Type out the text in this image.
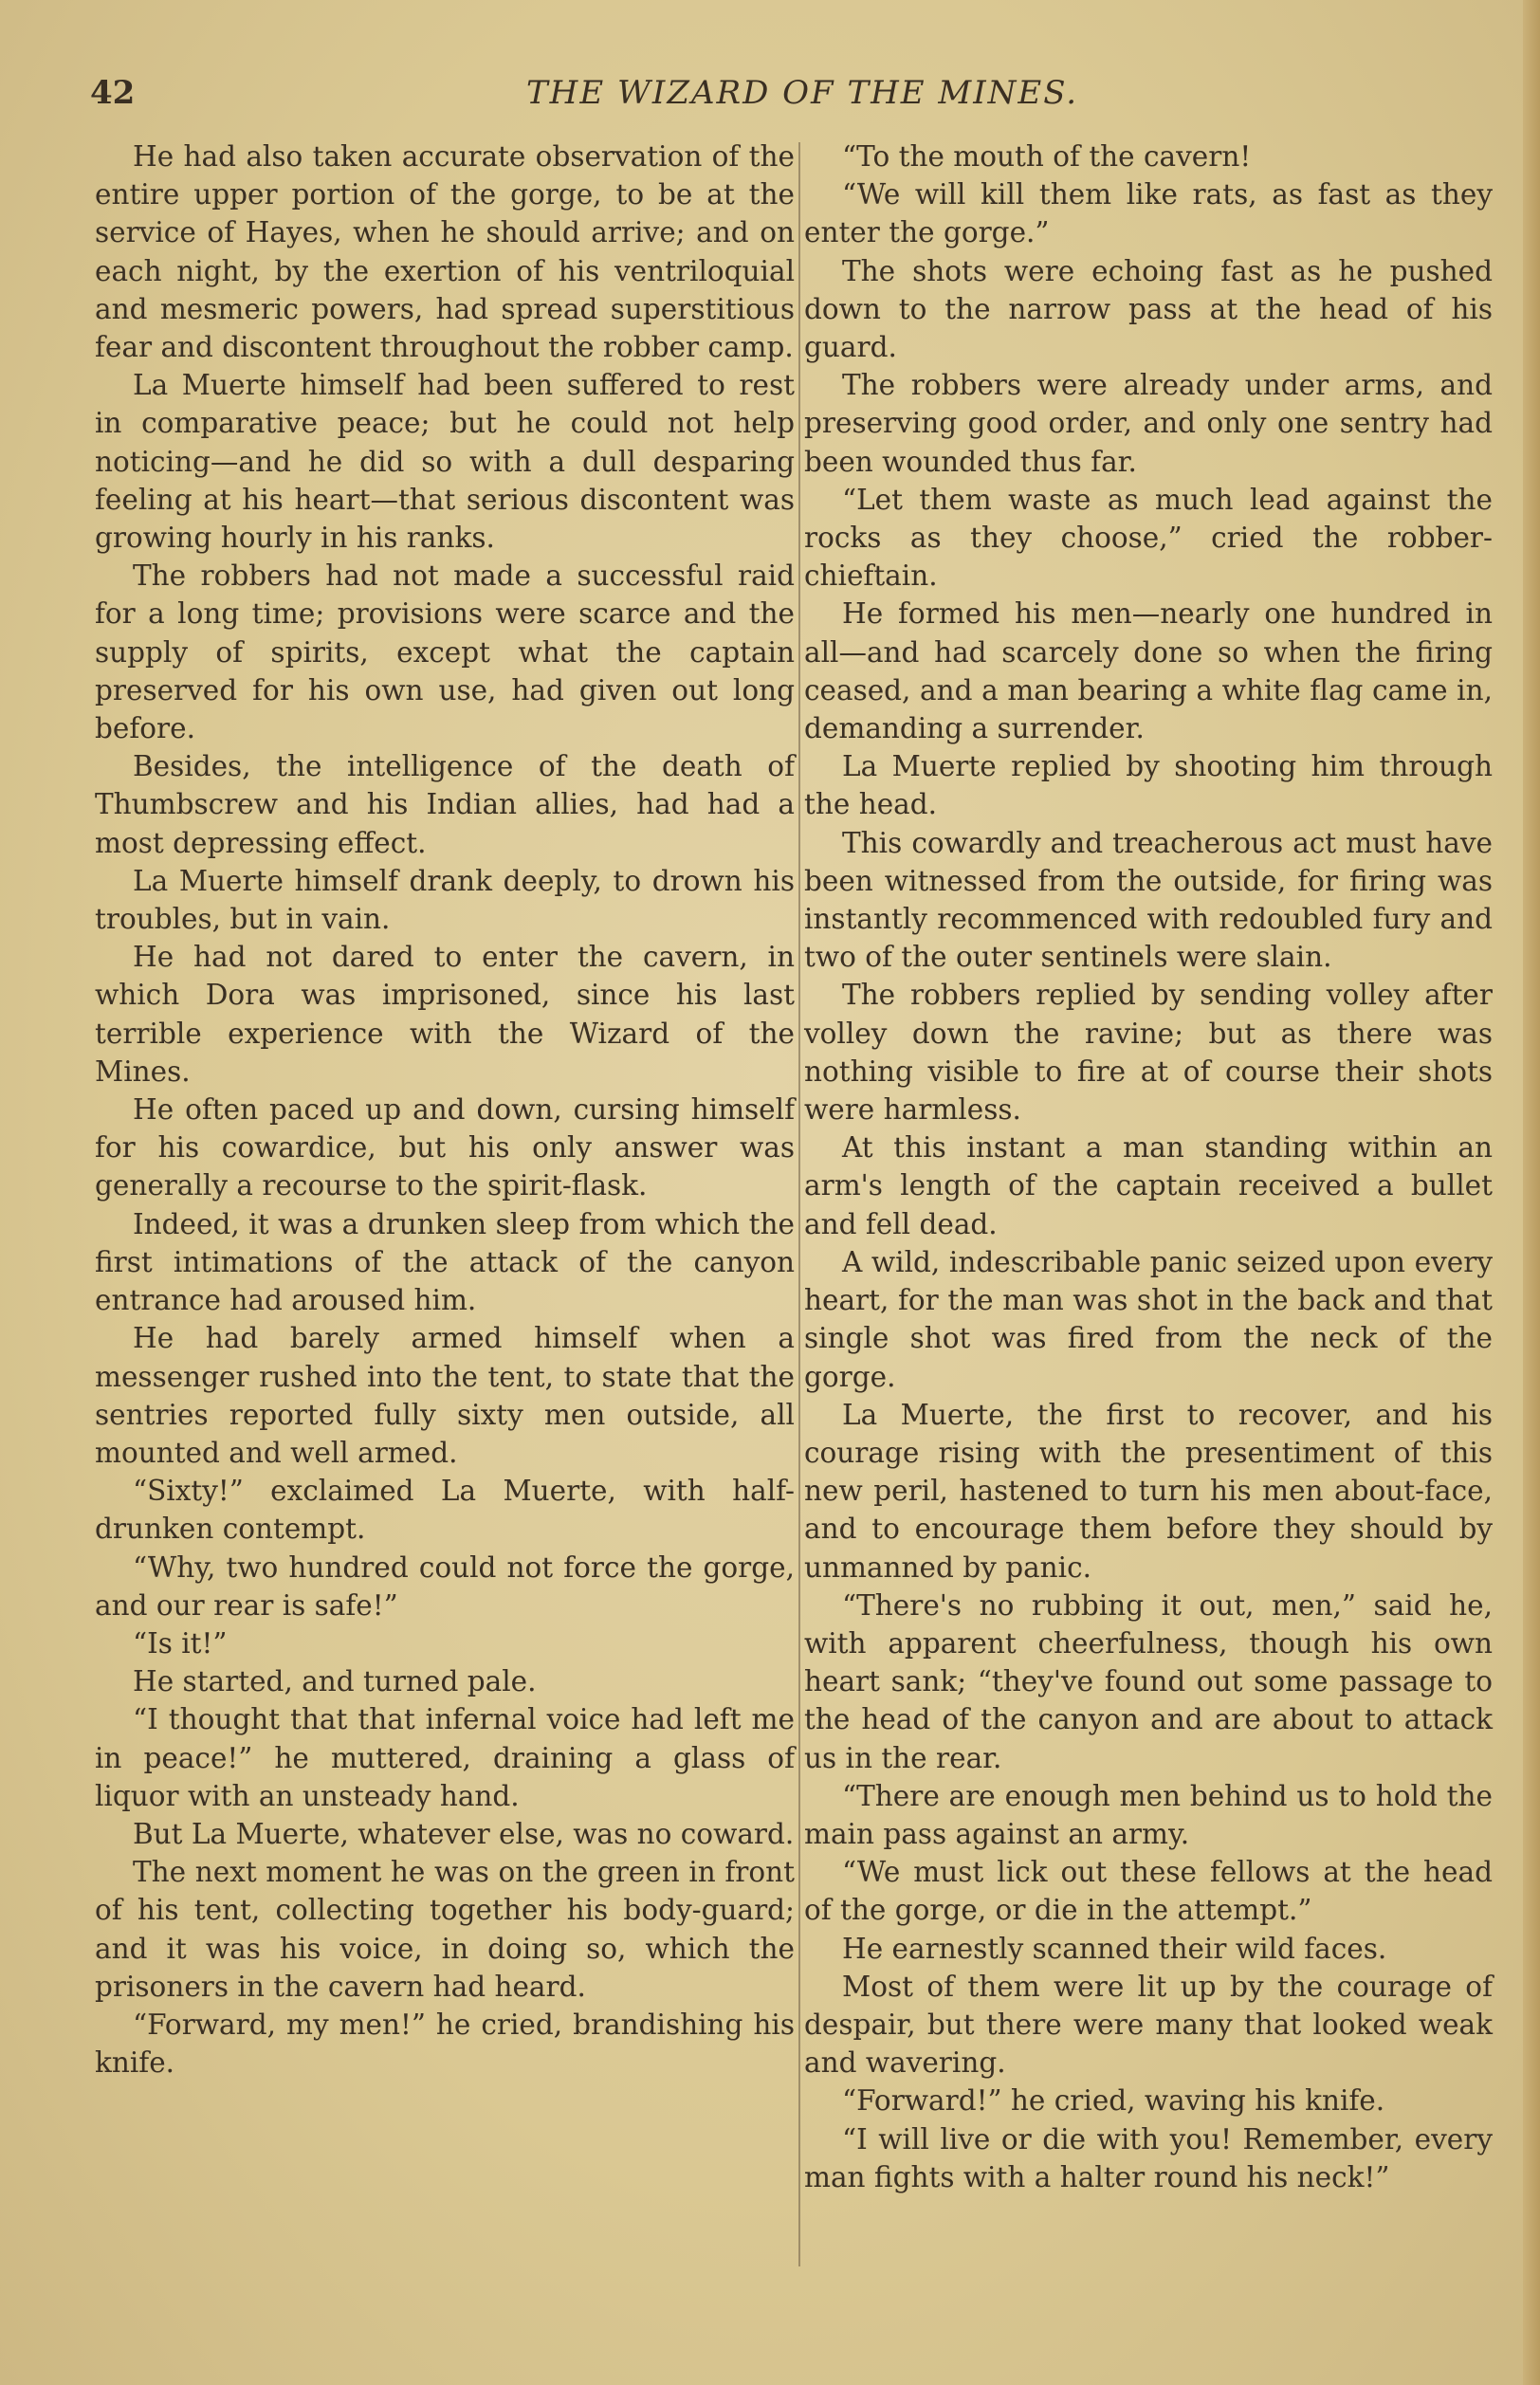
42	THE WIZARD OF THE MINES.

He had also taken accurate observation of the entire upper portion of the gorge, to be at the service of Hayes, when he should arrive; and on each night, by the exertion of his ventriloquial and mesmeric powers, had spread superstitious fear and discontent throughout the robber camp.

La Muerte himself had been suffered to rest in comparative peace; but he could not help noticing—and he did so with a dull desparing feeling at his heart—that serious discontent was growing hourly in his ranks.

The robbers had not made a successful raid for a long time; provisions were scarce and the supply of spirits, except what the captain preserved for his own use, had given out long before.

Besides, the intelligence of the death of Thumbscrew and his Indian allies, had had a most depressing effect.

La Muerte himself drank deeply, to drown his troubles, but in vain.

He had not dared to enter the cavern, in which Dora was imprisoned, since his last terrible experience with the Wizard of the Mines.

He often paced up and down, cursing himself for his cowardice, but his only answer was generally a recourse to the spirit-flask.

Indeed, it was a drunken sleep from which the first intimations of the attack of the canyon entrance had aroused him.

He had barely armed himself when a messenger rushed into the tent, to state that the sentries reported fully sixty men outside, all mounted and well armed.

“Sixty!” exclaimed La Muerte, with half-drunken contempt.

“Why, two hundred could not force the gorge, and our rear is safe!”

“Is it!”

He started, and turned pale.

“I thought that that infernal voice had left me in peace!” he muttered, draining a glass of liquor with an unsteady hand.

But La Muerte, whatever else, was no coward.

The next moment he was on the green in front of his tent, collecting together his body-guard; and it was his voice, in doing so, which the prisoners in the cavern had heard.

“Forward, my men!” he cried, brandishing his knife.

“To the mouth of the cavern!

“We will kill them like rats, as fast as they enter the gorge.”

The shots were echoing fast as he pushed down to the narrow pass at the head of his guard.

The robbers were already under arms, and preserving good order, and only one sentry had been wounded thus far.

“Let them waste as much lead against the rocks as they choose,” cried the robber-chieftain.

He formed his men—nearly one hundred in all—and had scarcely done so when the firing ceased, and a man bearing a white flag came in, demanding a surrender.

La Muerte replied by shooting him through the head.

This cowardly and treacherous act must have been witnessed from the outside, for firing was instantly recommenced with redoubled fury and two of the outer sentinels were slain.

The robbers replied by sending volley after volley down the ravine; but as there was nothing visible to fire at of course their shots were harmless.

At this instant a man standing within an arm's length of the captain received a bullet and fell dead.

A wild, indescribable panic seized upon every heart, for the man was shot in the back and that single shot was fired from the neck of the gorge.

La Muerte, the first to recover, and his courage rising with the presentiment of this new peril, hastened to turn his men about-face, and to encourage them before they should by unmanned by panic.

“There's no rubbing it out, men,” said he, with apparent cheerfulness, though his own heart sank; “they've found out some passage to the head of the canyon and are about to attack us in the rear.

“There are enough men behind us to hold the main pass against an army.

“We must lick out these fellows at the head of the gorge, or die in the attempt.”

He earnestly scanned their wild faces.

Most of them were lit up by the courage of despair, but there were many that looked weak and wavering.

“Forward!” he cried, waving his knife.

“I will live or die with you! Remember, every man fights with a halter round his neck!”
